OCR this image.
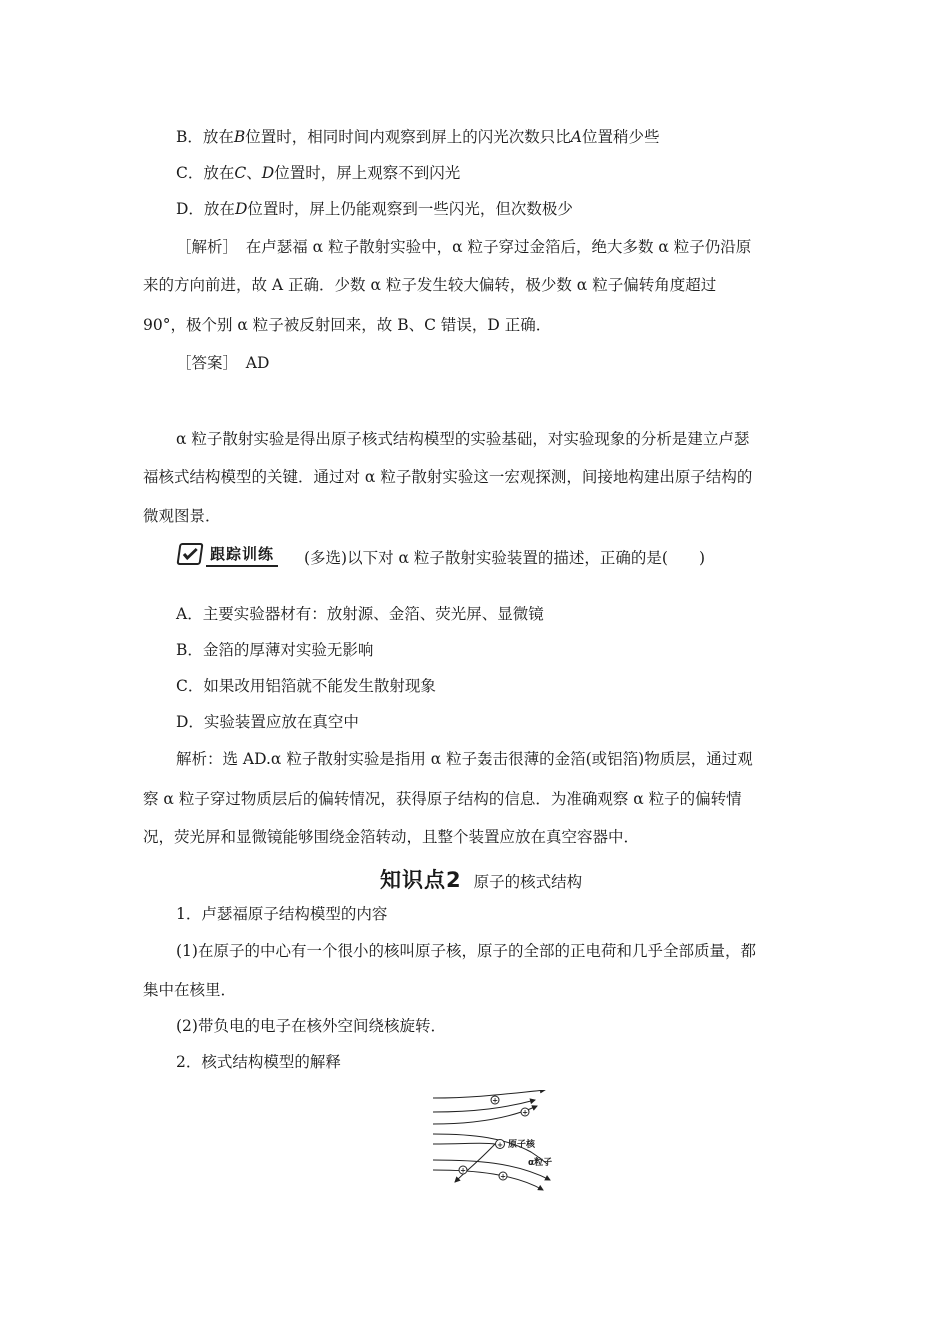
B．放在B位置时，相同时间内观察到屏上的闪光次数只比A位置稍少些
C．放在C、D位置时，屏上观察不到闪光
D．放在D位置时，屏上仍能观察到一些闪光，但次数极少
［解析］　在卢瑟福 α 粒子散射实验中，α 粒子穿过金箔后，绝大多数 α 粒子仍沿原
来的方向前进，故 A 正确．少数 α 粒子发生较大偏转，极少数 α 粒子偏转角度超过
90°，极个别 α 粒子被反射回来，故 B、C 错误，D 正确．
［答案］　AD
α 粒子散射实验是得出原子核式结构模型的实验基础，对实验现象的分析是建立卢瑟
福核式结构模型的关键．通过对 α 粒子散射实验这一宏观探测，间接地构建出原子结构的
微观图景．
跟踪训练 (多选)以下对 α 粒子散射实验装置的描述，正确的是(　　)
A．主要实验器材有：放射源、金箔、荧光屏、显微镜
B．金箔的厚薄对实验无影响
C．如果改用铝箔就不能发生散射现象
D．实验装置应放在真空中
解析：选 AD.α 粒子散射实验是指用 α 粒子轰击很薄的金箔(或铝箔)物质层，通过观
察 α 粒子穿过物质层后的偏转情况，获得原子结构的信息．为准确观察 α 粒子的偏转情
况，荧光屏和显微镜能够围绕金箔转动，且整个装置应放在真空容器中．
知识点2 原子的核式结构
1．卢瑟福原子结构模型的内容
(1)在原子的中心有一个很小的核叫原子核，原子的全部的正电荷和几乎全部质量，都
集中在核里．
(2)带负电的电子在核外空间绕核旋转．
2．核式结构模型的解释
+
+
+
+
+
原子核
α粒子
